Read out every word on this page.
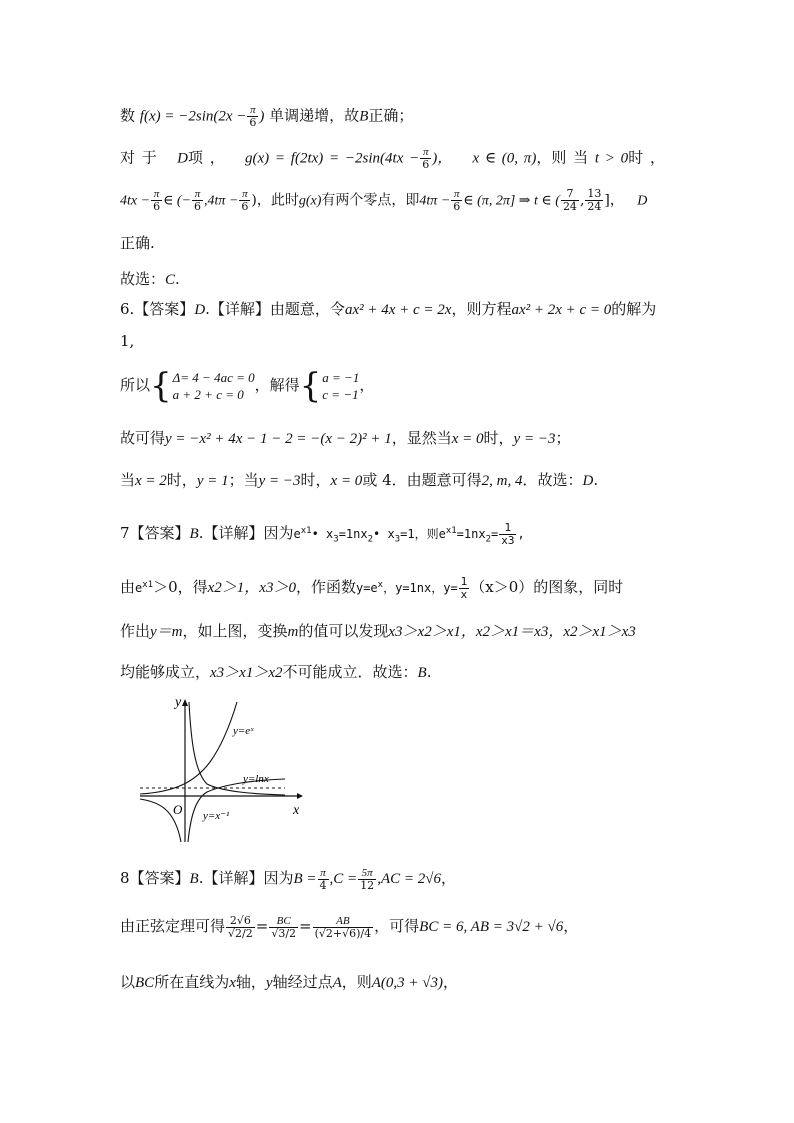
数 $f(x) = -2\sin(2x - \frac{\pi}{6}$ ) 单调递增，故B正确；
对 于 D项 ， $g(x) = f(2tx) = -2\sin(4tx - \frac{\pi}{6}$ )， x ∈ (0, π)，则 当 t > 0时 ，
$4tx - \frac{\pi}{6}$ ∈ (− $\frac{\pi}{6} ,4t\pi - \frac{\pi}{6}$ )，此时g(x)有两个零点，即$4t\pi - \frac{\pi}{6}$ ∈ (π, 2π] ⇒ t ∈ ( $\frac{7}{24}$ , $\frac{13}{24}$ ]， D
正确.
故选：C.
6.【答案】D.【详解】由题意，令ax² + 4x + c = 2x，则方程ax² + 2x + c = 0的解为
1,
所以{ Δ= 4 − 4ac = 0
a + 2 + c = 0
，解得{ a = −1
c = −1
，
故可得y = −x² + 4x − 1 − 2 = −(x − 2)² + 1，显然当x = 0时，y = −3；
当x = 2时，y = 1；当y = −3时，x = 0或 4．由题意可得2, m, 4．故选：D.
7【答案】B.【详解】因为$e^{x1}•$ $x_3=1nx_2•$ $x_3=1$，则$e^{x1}=1nx_2= \frac{1}{x3}$ ,
由$e^{x1}>0$，得x2＞1，x3＞0，作函数$y=e^x$，y=1nx，$y= \frac{1}{x} (x>0)$的图象，同时
作出y＝m，如上图，变换m的值可以发现x3＞x2＞x1，x2＞x1＝x3，x2＞x1＞x3
均能够成立，x3＞x1＞x2不可能成立．故选：B.
y
x
O
y=eˣ
y=lnx
y=x⁻¹
8【答案】B.【详解】因为$B = \frac{\pi}{4} ,C = \frac{5\pi}{12} ,AC = 2√6$，
由正弦定理可得 $\frac{2√6}{√2/2} = \frac{BC}{√3/2} = \frac{AB}{(√2+√6)/4}$ ，可得BC = 6, AB = 3√2 + √6，
以BC所在直线为x轴，y轴经过点A，则A(0,3 + √3)，
